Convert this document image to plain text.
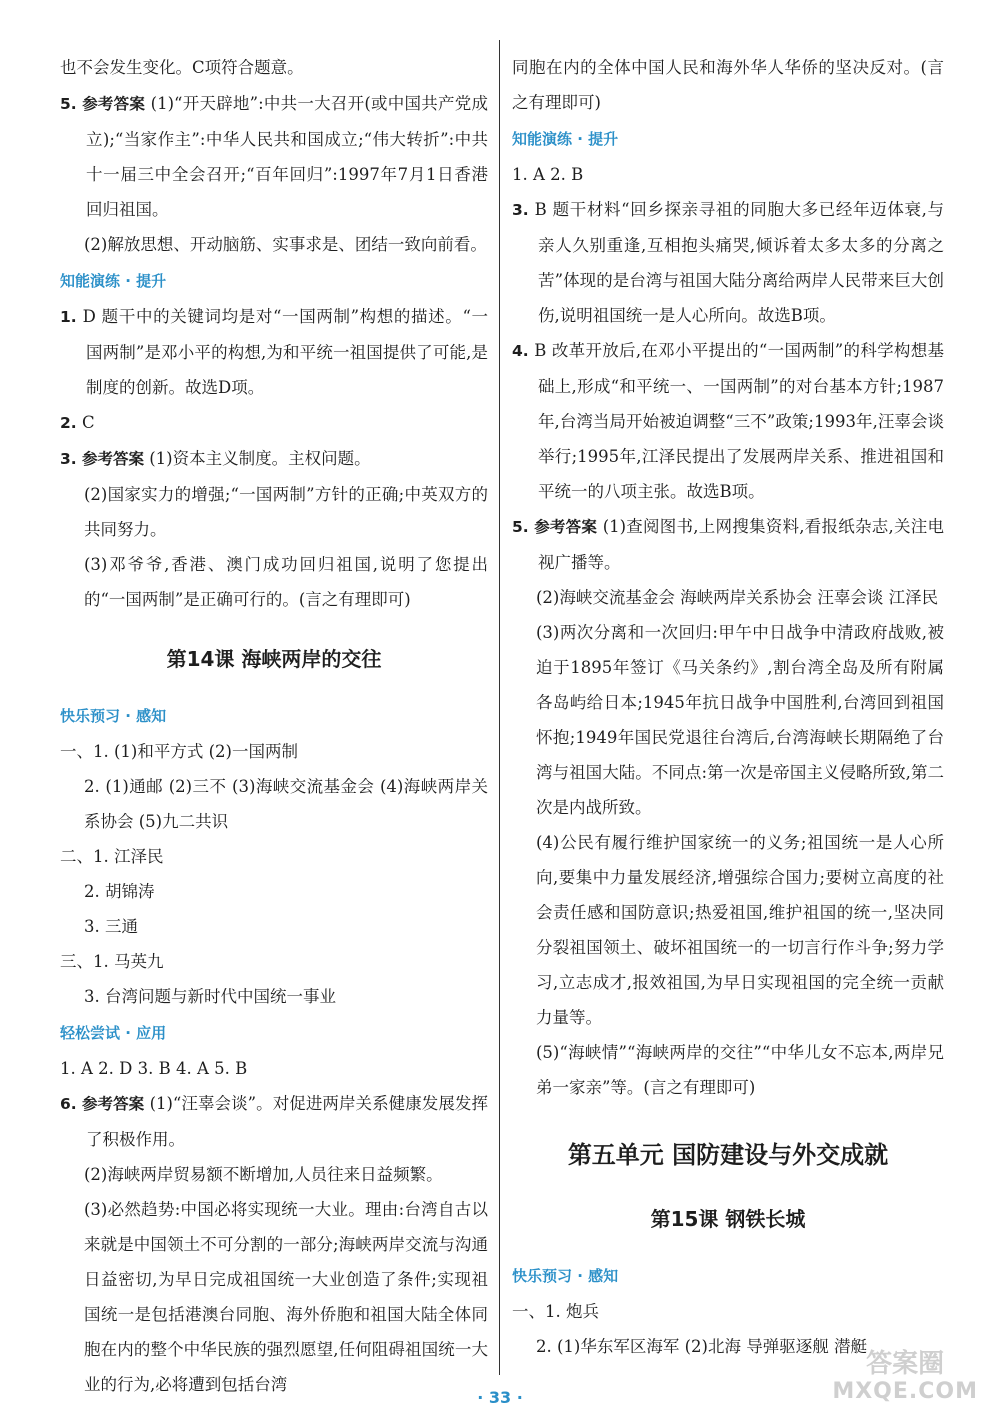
也不会发生变化。C项符合题意。

5. 参考答案 (1)“开天辟地”:中共一大召开(或中国共产党成立);“当家作主”:中华人民共和国成立;“伟大转折”:中共十一届三中全会召开;“百年回归”:1997年7月1日香港回归祖国。

(2)解放思想、开动脑筋、实事求是、团结一致向前看。

知能演练 · 提升

1. D 题干中的关键词均是对“一国两制”构想的描述。“一国两制”是邓小平的构想,为和平统一祖国提供了可能,是制度的创新。故选D项。

2. C

3. 参考答案 (1)资本主义制度。主权问题。

(2)国家实力的增强;“一国两制”方针的正确;中英双方的共同努力。

(3)邓爷爷,香港、澳门成功回归祖国,说明了您提出的“一国两制”是正确可行的。(言之有理即可)

第14课 海峡两岸的交往
快乐预习 · 感知

一、1. (1)和平方式 (2)一国两制

2. (1)通邮 (2)三不 (3)海峡交流基金会 (4)海峡两岸关系协会 (5)九二共识

二、1. 江泽民

2. 胡锦涛

3. 三通

三、1. 马英九

3. 台湾问题与新时代中国统一事业

轻松尝试 · 应用

1. A 2. D 3. B 4. A 5. B

6. 参考答案 (1)“汪辜会谈”。对促进两岸关系健康发展发挥了积极作用。

(2)海峡两岸贸易额不断增加,人员往来日益频繁。

(3)必然趋势:中国必将实现统一大业。理由:台湾自古以来就是中国领土不可分割的一部分;海峡两岸交流与沟通日益密切,为早日完成祖国统一大业创造了条件;实现祖国统一是包括港澳台同胞、海外侨胞和祖国大陆全体同胞在内的整个中华民族的强烈愿望,任何阻碍祖国统一大业的行为,必将遭到包括台湾

同胞在内的全体中国人民和海外华人华侨的坚决反对。(言之有理即可)

知能演练 · 提升

1. A 2. B

3. B 题干材料“回乡探亲寻祖的同胞大多已经年迈体衰,与亲人久别重逢,互相抱头痛哭,倾诉着太多太多的分离之苦”体现的是台湾与祖国大陆分离给两岸人民带来巨大创伤,说明祖国统一是人心所向。故选B项。

4. B 改革开放后,在邓小平提出的“一国两制”的科学构想基础上,形成“和平统一、一国两制”的对台基本方针;1987年,台湾当局开始被迫调整“三不”政策;1993年,汪辜会谈举行;1995年,江泽民提出了发展两岸关系、推进祖国和平统一的八项主张。故选B项。

5. 参考答案 (1)查阅图书,上网搜集资料,看报纸杂志,关注电视广播等。

(2)海峡交流基金会 海峡两岸关系协会 汪辜会谈 江泽民

(3)两次分离和一次回归:甲午中日战争中清政府战败,被迫于1895年签订《马关条约》,割台湾全岛及所有附属各岛屿给日本;1945年抗日战争中国胜利,台湾回到祖国怀抱;1949年国民党退往台湾后,台湾海峡长期隔绝了台湾与祖国大陆。不同点:第一次是帝国主义侵略所致,第二次是内战所致。

(4)公民有履行维护国家统一的义务;祖国统一是人心所向,要集中力量发展经济,增强综合国力;要树立高度的社会责任感和国防意识;热爱祖国,维护祖国的统一,坚决同分裂祖国领土、破坏祖国统一的一切言行作斗争;努力学习,立志成才,报效祖国,为早日实现祖国的完全统一贡献力量等。

(5)“海峡情”“海峡两岸的交往”“中华儿女不忘本,两岸兄弟一家亲”等。(言之有理即可)

第五单元 国防建设与外交成就
第15课 钢铁长城
快乐预习 · 感知

一、1. 炮兵

2. (1)华东军区海军 (2)北海 导弹驱逐舰 潜艇

· 33 ·
答案圈
MXQE.COM
